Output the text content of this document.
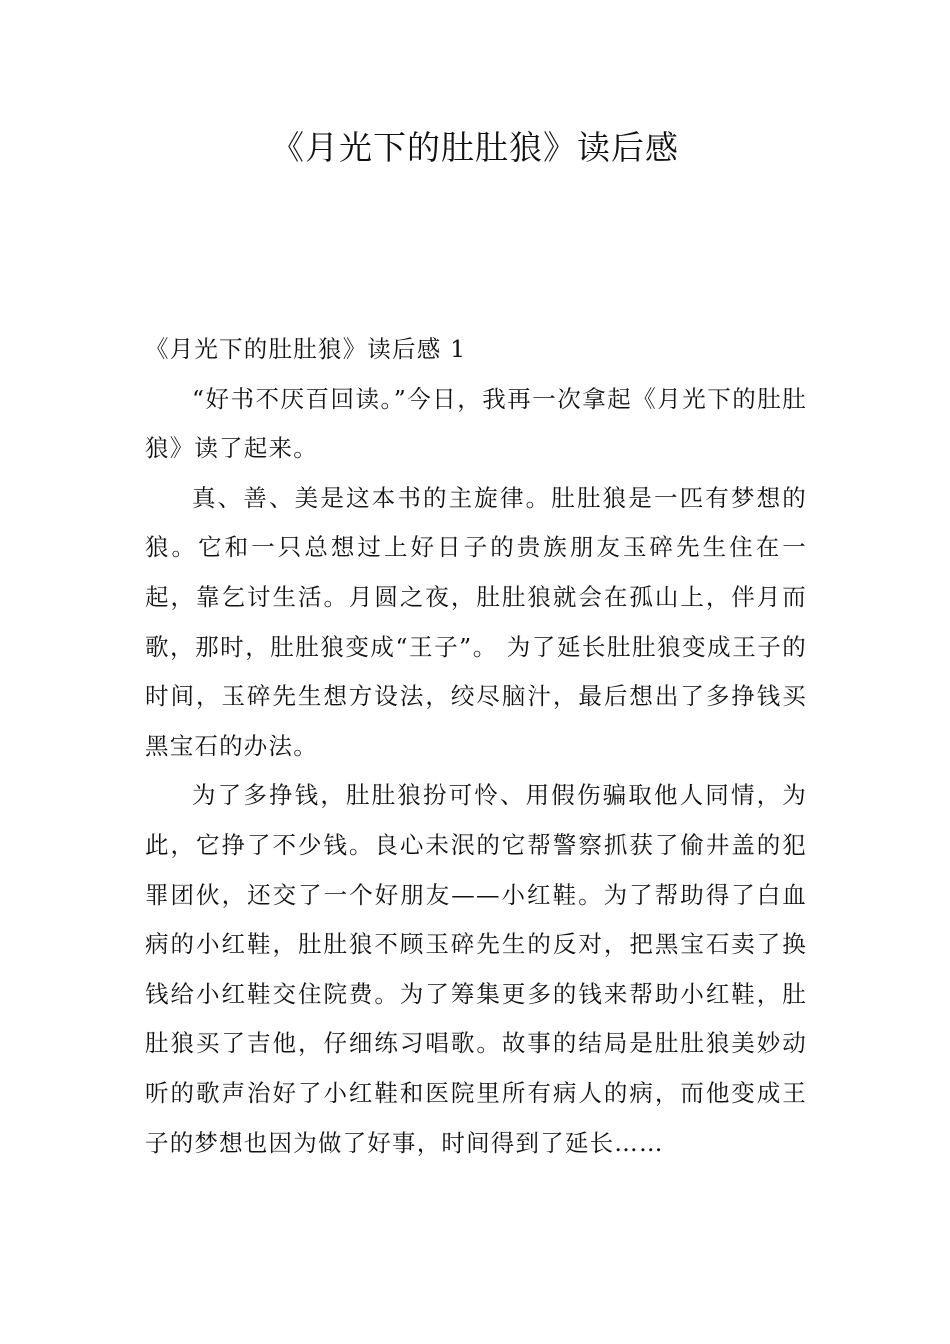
《月光下的肚肚狼》读后感

《月光下的肚肚狼》读后感 1

“好书不厌百回读。”今日，我再一次拿起《月光下的肚肚狼》读了起来。

真、善、美是这本书的主旋律。肚肚狼是一匹有梦想的狼。它和一只总想过上好日子的贵族朋友玉碎先生住在一起，靠乞讨生活。月圆之夜，肚肚狼就会在孤山上，伴月而歌，那时，肚肚狼变成“王子”。 为了延长肚肚狼变成王子的时间，玉碎先生想方设法，绞尽脑汁，最后想出了多挣钱买黑宝石的办法。

为了多挣钱，肚肚狼扮可怜、用假伤骗取他人同情，为此，它挣了不少钱。良心未泯的它帮警察抓获了偷井盖的犯罪团伙，还交了一个好朋友——小红鞋。为了帮助得了白血病的小红鞋，肚肚狼不顾玉碎先生的反对，把黑宝石卖了换钱给小红鞋交住院费。为了筹集更多的钱来帮助小红鞋，肚肚狼买了吉他，仔细练习唱歌。故事的结局是肚肚狼美妙动听的歌声治好了小红鞋和医院里所有病人的病，而他变成王子的梦想也因为做了好事，时间得到了延长……
